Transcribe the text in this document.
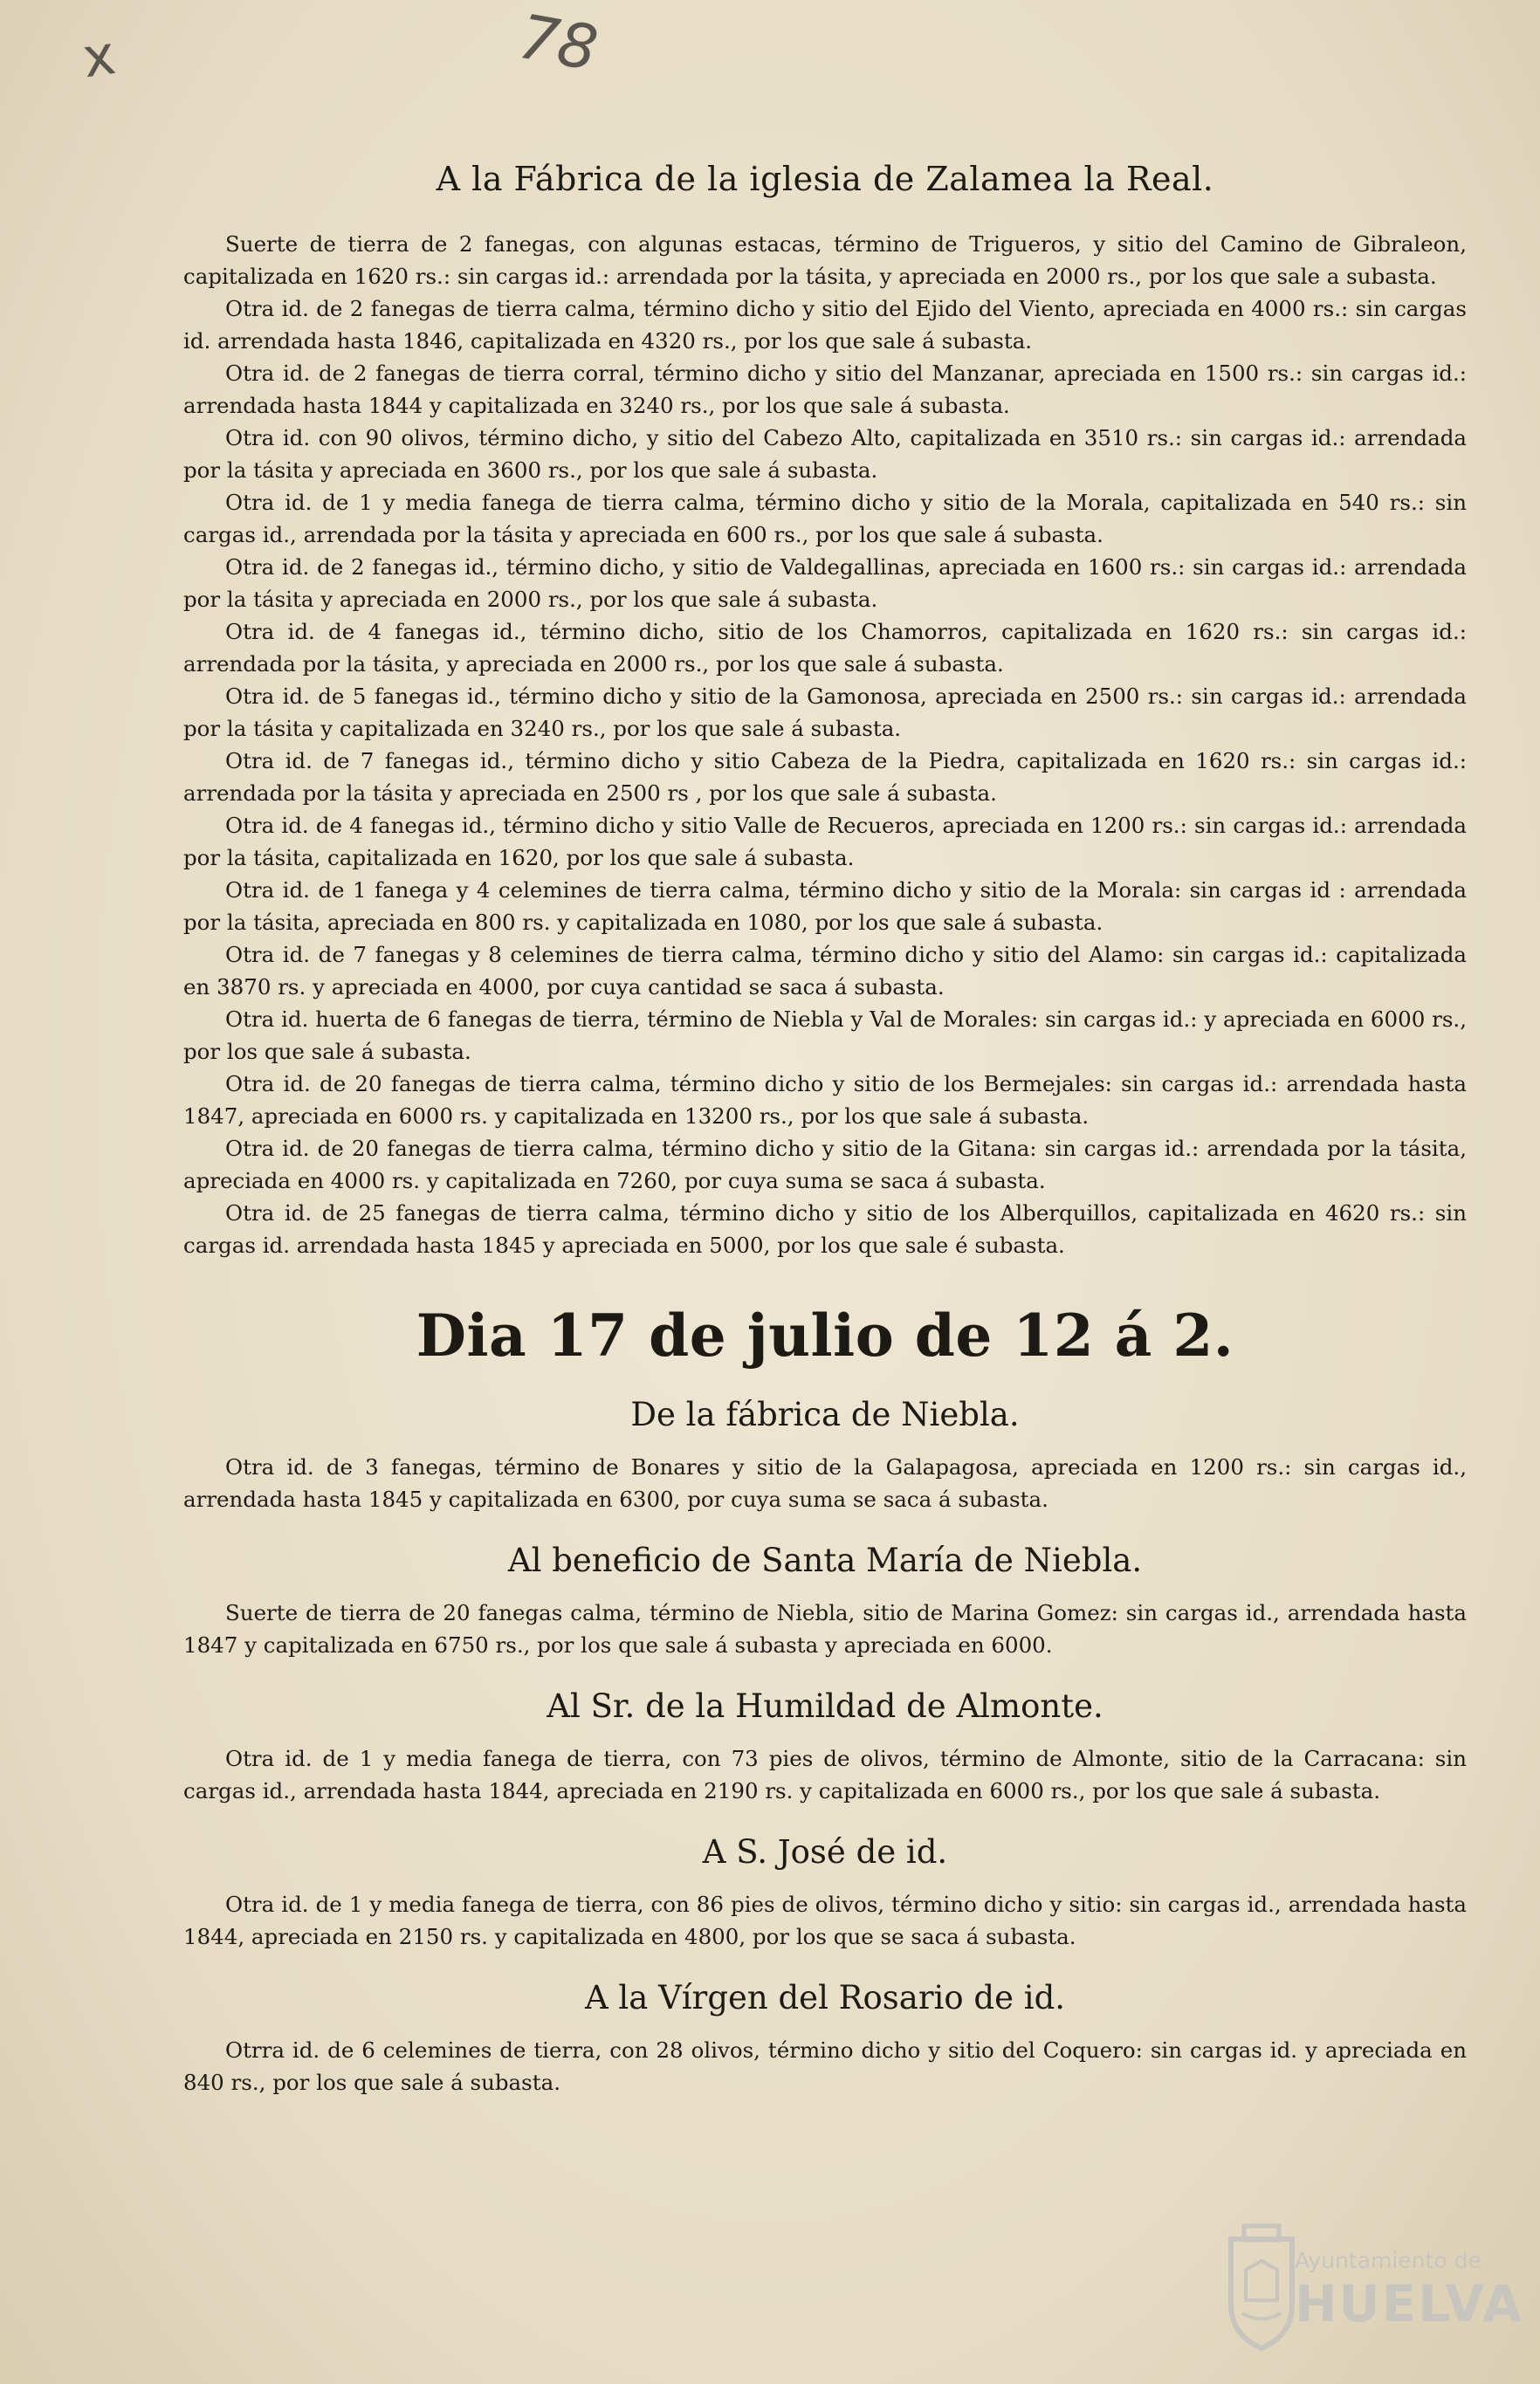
x	78
A la Fábrica de la iglesia de Zalamea la Real.

Suerte de tierra de 2 fanegas, con algunas estacas, término de Trigueros, y sitio del Camino de Gibraleon, capitalizada en 1620 rs.: sin cargas id.: arrendada por la tásita, y apreciada en 2000 rs., por los que sale a subasta.

Otra id. de 2 fanegas de tierra calma, término dicho y sitio del Ejido del Viento, apreciada en 4000 rs.: sin cargas id. arrendada hasta 1846, capitalizada en 4320 rs., por los que sale á subasta.

Otra id. de 2 fanegas de tierra corral, término dicho y sitio del Manzanar, apreciada en 1500 rs.: sin cargas id.: arrendada hasta 1844 y capitalizada en 3240 rs., por los que sale á subasta.

Otra id. con 90 olivos, término dicho, y sitio del Cabezo Alto, capitalizada en 3510 rs.: sin cargas id.: arrendada por la tásita y apreciada en 3600 rs., por los que sale á subasta.

Otra id. de 1 y media fanega de tierra calma, término dicho y sitio de la Morala, capitalizada en 540 rs.: sin cargas id., arrendada por la tásita y apreciada en 600 rs., por los que sale á subasta.

Otra id. de 2 fanegas id., término dicho, y sitio de Valdegallinas, apreciada en 1600 rs.: sin cargas id.: arrendada por la tásita y apreciada en 2000 rs., por los que sale á subasta.

Otra id. de 4 fanegas id., término dicho, sitio de los Chamorros, capitalizada en 1620 rs.: sin cargas id.: arrendada por la tásita, y apreciada en 2000 rs., por los que sale á subasta.

Otra id. de 5 fanegas id., término dicho y sitio de la Gamonosa, apreciada en 2500 rs.: sin cargas id.: arrendada por la tásita y capitalizada en 3240 rs., por los que sale á subasta.

Otra id. de 7 fanegas id., término dicho y sitio Cabeza de la Piedra, capitalizada en 1620 rs.: sin cargas id.: arrendada por la tásita y apreciada en 2500 rs , por los que sale á subasta.

Otra id. de 4 fanegas id., término dicho y sitio Valle de Recueros, apreciada en 1200 rs.: sin cargas id.: arrendada por la tásita, capitalizada en 1620, por los que sale á subasta.

Otra id. de 1 fanega y 4 celemines de tierra calma, término dicho y sitio de la Morala: sin cargas id : arrendada por la tásita, apreciada en 800 rs. y capitalizada en 1080, por los que sale á subasta.

Otra id. de 7 fanegas y 8 celemines de tierra calma, término dicho y sitio del Alamo: sin cargas id.: capitalizada en 3870 rs. y apreciada en 4000, por cuya cantidad se saca á subasta.

Otra id. huerta de 6 fanegas de tierra, término de Niebla y Val de Morales: sin cargas id.: y apreciada en 6000 rs., por los que sale á subasta.

Otra id. de 20 fanegas de tierra calma, término dicho y sitio de los Bermejales: sin cargas id.: arrendada hasta 1847, apreciada en 6000 rs. y capitalizada en 13200 rs., por los que sale á subasta.

Otra id. de 20 fanegas de tierra calma, término dicho y sitio de la Gitana: sin cargas id.: arrendada por la tásita, apreciada en 4000 rs. y capitalizada en 7260, por cuya suma se saca á subasta.

Otra id. de 25 fanegas de tierra calma, término dicho y sitio de los Alberquillos, capitalizada en 4620 rs.: sin cargas id. arrendada hasta 1845 y apreciada en 5000, por los que sale é subasta.

Dia 17 de julio de 12 á 2.
De la fábrica de Niebla.

Otra id. de 3 fanegas, término de Bonares y sitio de la Galapagosa, apreciada en 1200 rs.: sin cargas id., arrendada hasta 1845 y capitalizada en 6300, por cuya suma se saca á subasta.

Al beneficio de Santa María de Niebla.

Suerte de tierra de 20 fanegas calma, término de Niebla, sitio de Marina Gomez: sin cargas id., arrendada hasta 1847 y capitalizada en 6750 rs., por los que sale á subasta y apreciada en 6000.

Al Sr. de la Humildad de Almonte.

Otra id. de 1 y media fanega de tierra, con 73 pies de olivos, término de Almonte, sitio de la Carracana: sin cargas id., arrendada hasta 1844, apreciada en 2190 rs. y capitalizada en 6000 rs., por los que sale á subasta.

A S. José de id.

Otra id. de 1 y media fanega de tierra, con 86 pies de olivos, término dicho y sitio: sin cargas id., arrendada hasta 1844, apreciada en 2150 rs. y capitalizada en 4800, por los que se saca á subasta.

A la Vírgen del Rosario de id.

Otrra id. de 6 celemines de tierra, con 28 olivos, término dicho y sitio del Coquero: sin cargas id. y apreciada en 840 rs., por los que sale á subasta.

Ayuntamiento de
HUELVA
